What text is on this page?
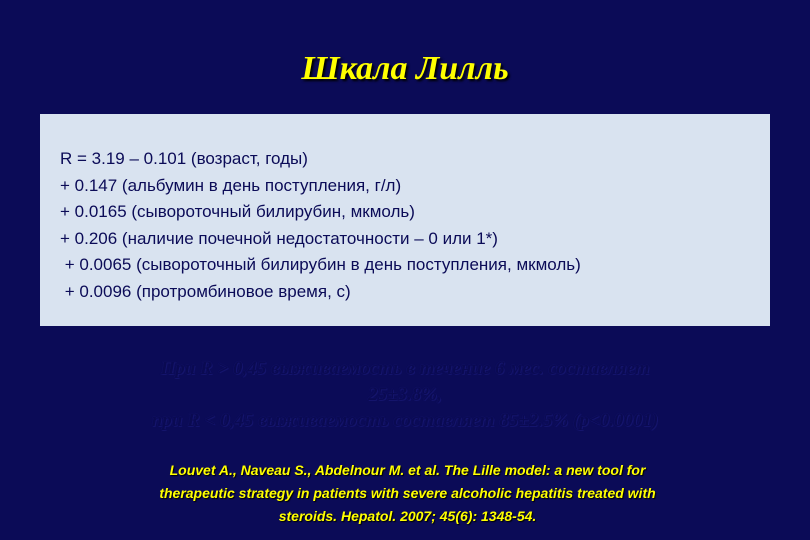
Шкала Лилль
R = 3.19 – 0.101 (возраст, годы)
+ 0.147 (альбумин в день поступления, г/л)
+ 0.0165 (сывороточный билирубин, мкмоль)
+ 0.206 (наличие почечной недостаточности – 0 или 1*)
+ 0.0065 (сывороточный билирубин в день поступления, мкмоль)
+ 0.0096 (протромбиновое время, с)
При R > 0,45 выживаемость в течение 6 мес. составляет
25±3.8%,
при R < 0,45 выживаемость составляет 85±2.5% (p<0.0001)
Louvet A., Naveau S., Abdelnour M. et al. The Lille model: a new tool for therapeutic strategy in patients with severe alcoholic hepatitis treated with steroids. Hepatol. 2007; 45(6): 1348-54.
